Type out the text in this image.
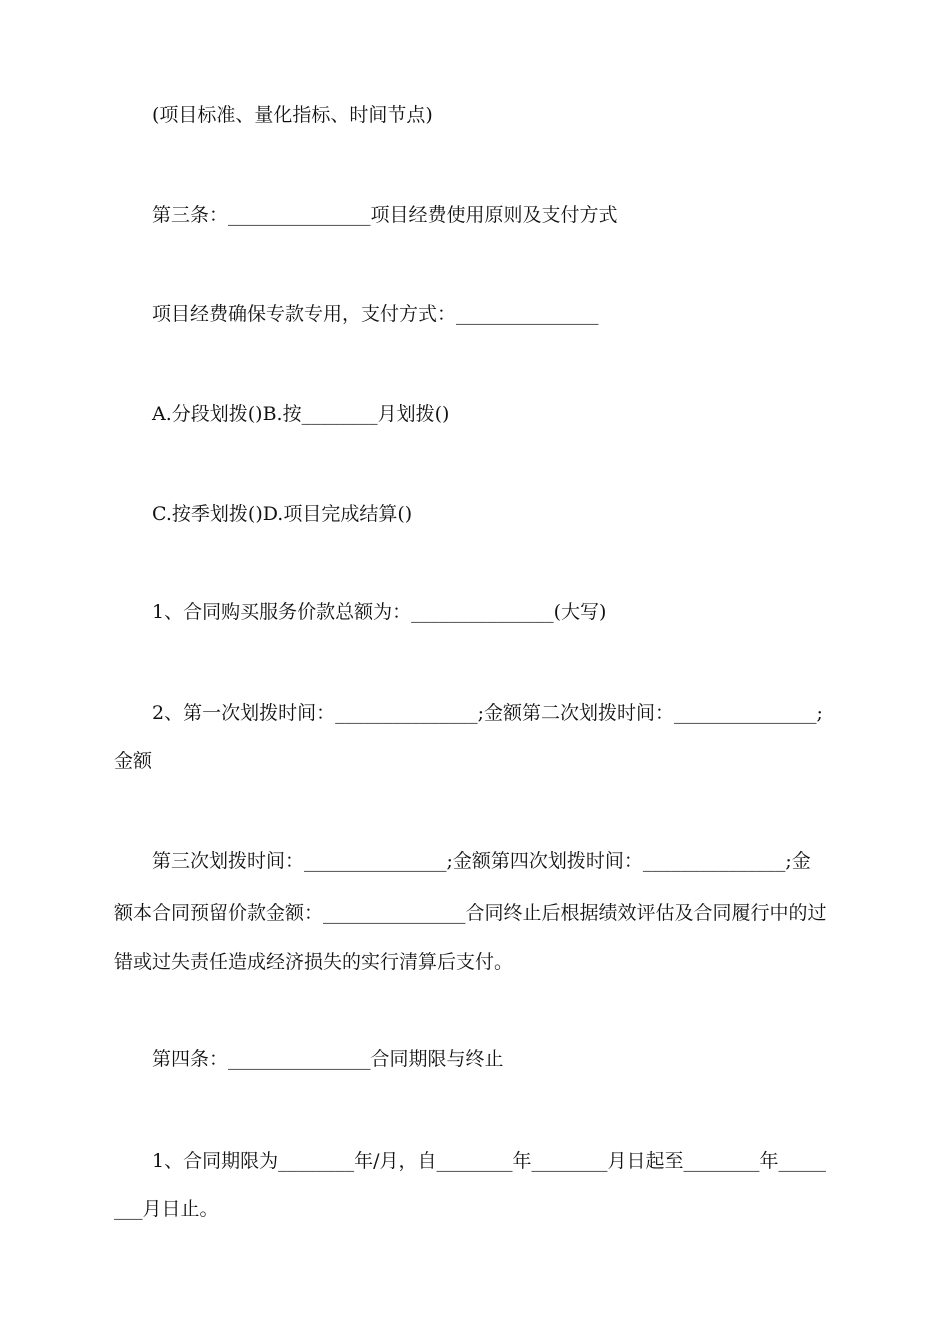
(项目标准、量化指标、时间节点)
第三条：_______________项目经费使用原则及支付方式
项目经费确保专款专用，支付方式：_______________
A.分段划拨()B.按________月划拨()
C.按季划拨()D.项目完成结算()
1、合同购买服务价款总额为：_______________(大写)
2、第一次划拨时间：_______________;金额第二次划拨时间：_______________;
金额
第三次划拨时间：_______________;金额第四次划拨时间：_______________;金
额本合同预留价款金额：_______________合同终止后根据绩效评估及合同履行中的过
错或过失责任造成经济损失的实行清算后支付。
第四条：_______________合同期限与终止
1、合同期限为________年/月，自________年________月日起至________年_____
___月日止。
